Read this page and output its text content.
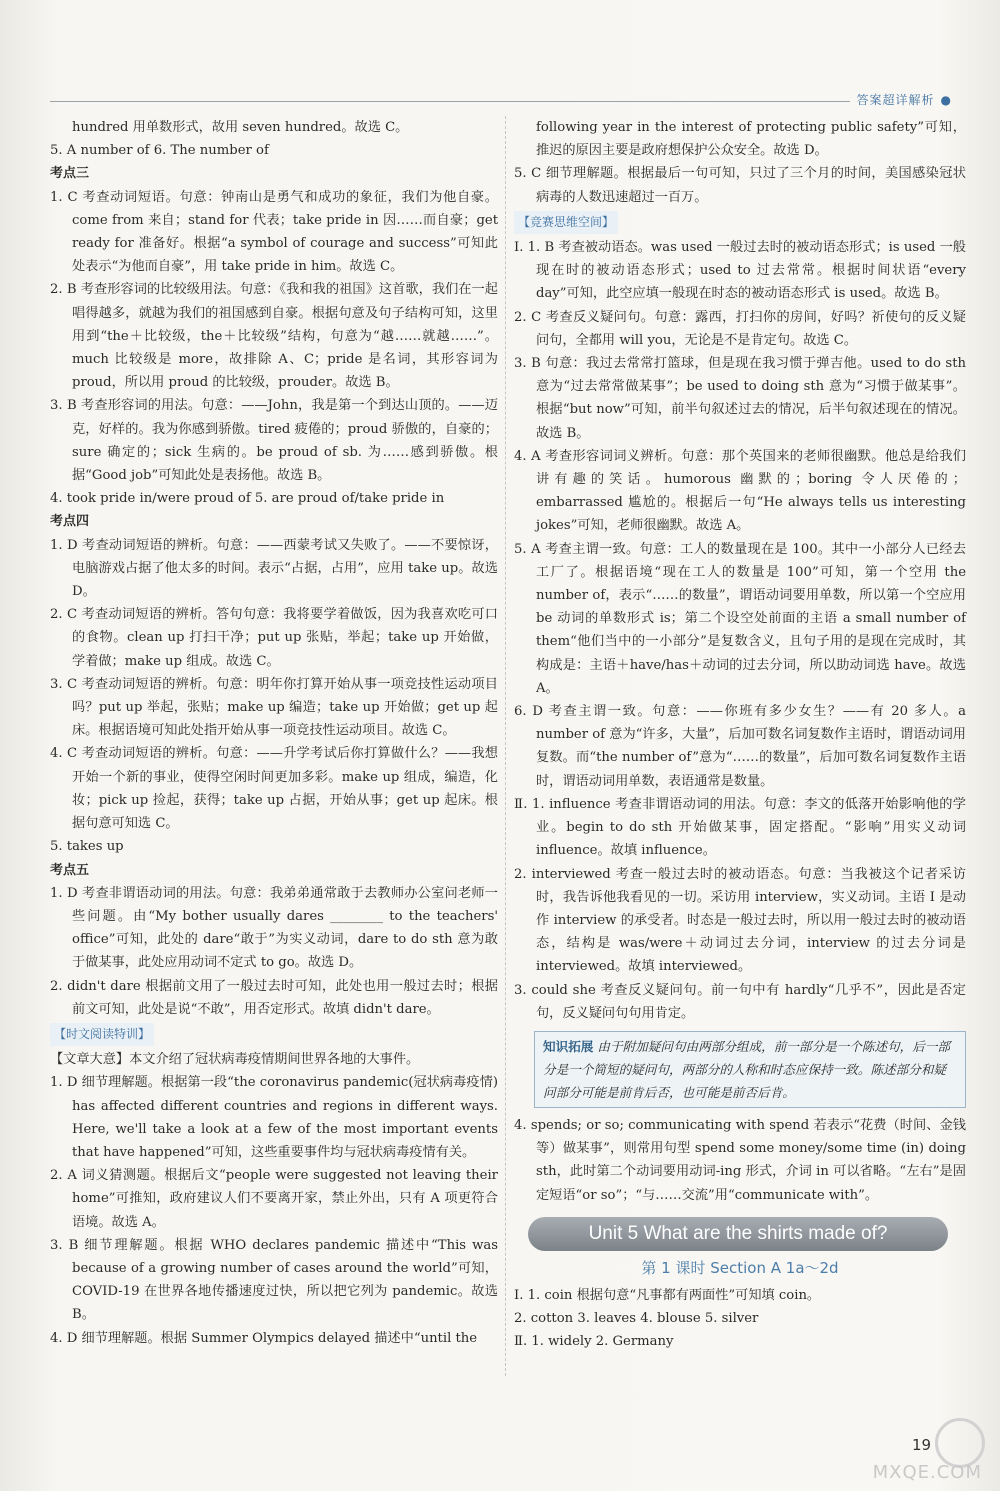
答案超详解析 ●

hundred 用单数形式，故用 seven hundred。故选 C。

5. A number of 6. The number of

考点三

1. C 考查动词短语。句意：钟南山是勇气和成功的象征，我们为他自豪。come from 来自；stand for 代表；take pride in 因……而自豪；get ready for 准备好。根据“a symbol of courage and success”可知此处表示“为他而自豪”，用 take pride in him。故选 C。

2. B 考查形容词的比较级用法。句意：《我和我的祖国》这首歌，我们在一起唱得越多，就越为我们的祖国感到自豪。根据句意及句子结构可知，这里用到“the＋比较级，the＋比较级”结构，句意为“越……就越……”。much 比较级是 more，故排除 A、C；pride 是名词，其形容词为 proud，所以用 proud 的比较级，prouder。故选 B。

3. B 考查形容词的用法。句意：——John，我是第一个到达山顶的。——迈克，好样的。我为你感到骄傲。tired 疲倦的；proud 骄傲的，自豪的；sure 确定的；sick 生病的。be proud of sb. 为……感到骄傲。根据“Good job”可知此处是表扬他。故选 B。

4. took pride in/were proud of 5. are proud of/take pride in

考点四

1. D 考查动词短语的辨析。句意：——西蒙考试又失败了。——不要惊讶，电脑游戏占据了他太多的时间。表示“占据，占用”，应用 take up。故选 D。

2. C 考查动词短语的辨析。答句句意：我将要学着做饭，因为我喜欢吃可口的食物。clean up 打扫干净；put up 张贴，举起；take up 开始做，学着做；make up 组成。故选 C。

3. C 考查动词短语的辨析。句意：明年你打算开始从事一项竞技性运动项目吗？put up 举起，张贴；make up 编造；take up 开始做；get up 起床。根据语境可知此处指开始从事一项竞技性运动项目。故选 C。

4. C 考查动词短语的辨析。句意：——升学考试后你打算做什么？——我想开始一个新的事业，使得空闲时间更加多彩。make up 组成，编造，化妆；pick up 捡起，获得；take up 占据，开始从事；get up 起床。根据句意可知选 C。

5. takes up

考点五

1. D 考查非谓语动词的用法。句意：我弟弟通常敢于去教师办公室问老师一些问题。由“My bother usually dares ________ to the teachers' office”可知，此处的 dare“敢于”为实义动词，dare to do sth 意为敢于做某事，此处应用动词不定式 to go。故选 D。

2. didn't dare 根据前文用了一般过去时可知，此处也用一般过去时；根据前文可知，此处是说“不敢”，用否定形式。故填 didn't dare。

【时文阅读特训】

【文章大意】本文介绍了冠状病毒疫情期间世界各地的大事件。

1. D 细节理解题。根据第一段“the coronavirus pandemic(冠状病毒疫情) has affected different countries and regions in different ways. Here, we'll take a look at a few of the most important events that have happened”可知，这些重要事件均与冠状病毒疫情有关。

2. A 词义猜测题。根据后文“people were suggested not leaving their home”可推知，政府建议人们不要离开家，禁止外出，只有 A 项更符合语境。故选 A。

3. B 细节理解题。根据 WHO declares pandemic 描述中“This was because of a growing number of cases around the world”可知，COVID-19 在世界各地传播速度过快，所以把它列为 pandemic。故选 B。

4. D 细节理解题。根据 Summer Olympics delayed 描述中“until the

following year in the interest of protecting public safety”可知，推迟的原因主要是政府想保护公众安全。故选 D。

5. C 细节理解题。根据最后一句可知，只过了三个月的时间，美国感染冠状病毒的人数迅速超过一百万。

【竞赛思维空间】

Ⅰ. 1. B 考查被动语态。was used 一般过去时的被动语态形式；is used 一般现在时的被动语态形式；used to 过去常常。根据时间状语“every day”可知，此空应填一般现在时态的被动语态形式 is used。故选 B。

2. C 考查反义疑问句。句意：露西，打扫你的房间，好吗？祈使句的反义疑问句，全都用 will you，无论是不是肯定句。故选 C。

3. B 句意：我过去常常打篮球，但是现在我习惯于弹吉他。used to do sth 意为“过去常常做某事”；be used to doing sth 意为“习惯于做某事”。根据“but now”可知，前半句叙述过去的情况，后半句叙述现在的情况。故选 B。

4. A 考查形容词词义辨析。句意：那个英国来的老师很幽默。他总是给我们讲有趣的笑话。humorous 幽默的；boring 令人厌倦的；embarrassed 尴尬的。根据后一句“He always tells us interesting jokes”可知，老师很幽默。故选 A。

5. A 考查主谓一致。句意：工人的数量现在是 100。其中一小部分人已经去工厂了。根据语境“现在工人的数量是 100”可知，第一个空用 the number of，表示“……的数量”，谓语动词要用单数，所以第一个空应用 be 动词的单数形式 is；第二个设空处前面的主语 a small number of them“他们当中的一小部分”是复数含义，且句子用的是现在完成时，其构成是：主语＋have/has＋动词的过去分词，所以助动词选 have。故选 A。

6. D 考查主谓一致。句意：——你班有多少女生？——有 20 多人。a number of 意为“许多，大量”，后加可数名词复数作主语时，谓语动词用复数。而“the number of”意为“……的数量”，后加可数名词复数作主语时，谓语动词用单数，表语通常是数量。

Ⅱ. 1. influence 考查非谓语动词的用法。句意：李文的低落开始影响他的学业。begin to do sth 开始做某事，固定搭配。“影响”用实义动词 influence。故填 influence。

2. interviewed 考查一般过去时的被动语态。句意：当我被这个记者采访时，我告诉他我看见的一切。采访用 interview，实义动词。主语 I 是动作 interview 的承受者。时态是一般过去时，所以用一般过去时的被动语态，结构是 was/were＋动词过去分词，interview 的过去分词是 interviewed。故填 interviewed。

3. could she 考查反义疑问句。前一句中有 hardly“几乎不”，因此是否定句，反义疑问句句用肯定。

知识拓展 由于附加疑问句由两部分组成，前一部分是一个陈述句，后一部分是一个简短的疑问句，两部分的人称和时态应保持一致。陈述部分和疑问部分可能是前肯后否，也可能是前否后肯。

4. spends; or so; communicating with spend 若表示“花费（时间、金钱等）做某事”，则常用句型 spend some money/some time (in) doing sth，此时第二个动词要用动词-ing 形式，介词 in 可以省略。“左右”是固定短语“or so”；“与……交流”用“communicate with”。

Unit 5 What are the shirts made of?
第 1 课时 Section A 1a～2d

Ⅰ. 1. coin 根据句意“凡事都有两面性”可知填 coin。

2. cotton 3. leaves 4. blouse 5. silver

Ⅱ. 1. widely 2. Germany

19
MXQE.COM
